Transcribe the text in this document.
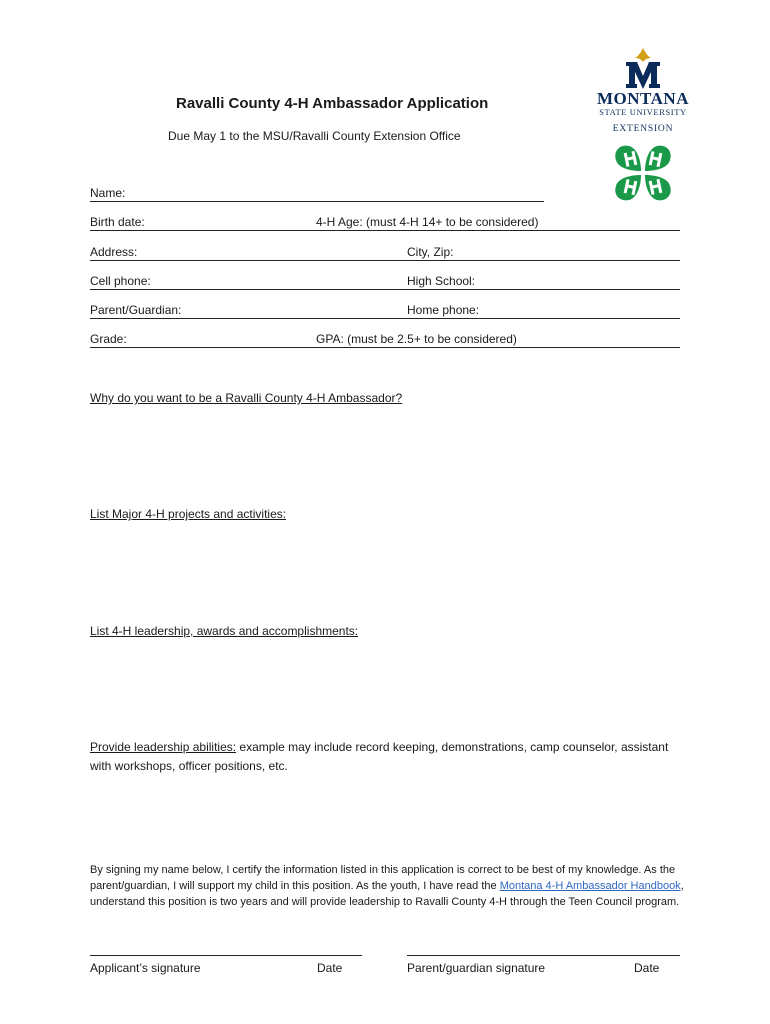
Ravalli County 4-H Ambassador Application
Due May 1 to the MSU/Ravalli County Extension Office
MONTANA
STATE UNIVERSITY
EXTENSION
Name:
Birth date:	4-H Age: (must 4-H 14+ to be considered)
Address:	City, Zip:
Cell phone:	High School:
Parent/Guardian:	Home phone:
Grade:	GPA: (must be 2.5+ to be considered)
Why do you want to be a Ravalli County 4-H Ambassador?
List Major 4-H projects and activities:
List 4-H leadership, awards and accomplishments:
Provide leadership abilities: example may include record keeping, demonstrations, camp counselor, assistant with workshops, officer positions, etc.
By signing my name below, I certify the information listed in this application is correct to be best of my knowledge. As the parent/guardian, I will support my child in this position. As the youth, I have read the Montana 4-H Ambassador Handbook, understand this position is two years and will provide leadership to Ravalli County 4-H through the Teen Council program.
Applicant’s signature	Date	Parent/guardian signature	Date
